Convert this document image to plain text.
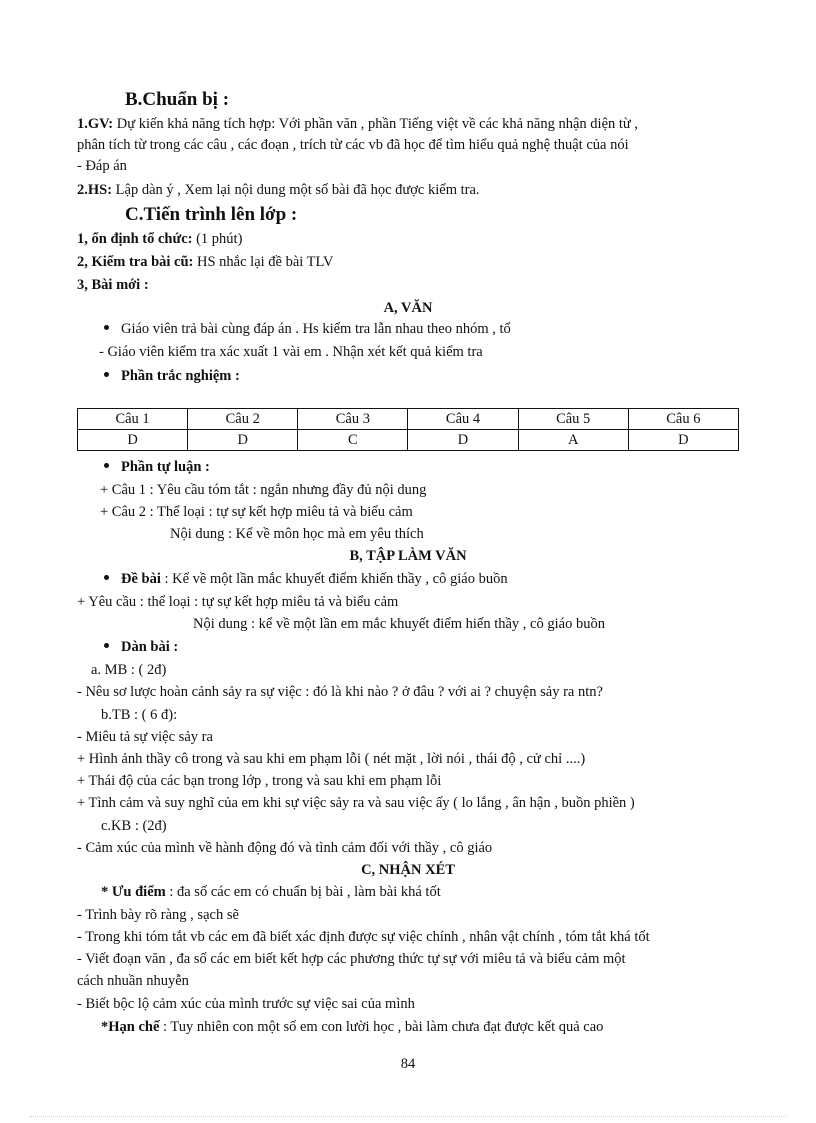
B.Chuẩn bị :
1.GV: Dự kiến khả năng tích hợp: Với phần văn , phần Tiếng việt về các khả năng nhận diện từ ,
phân tích từ trong các câu , các đoạn , trích từ các vb đã học để tìm hiểu quả nghệ thuật của nói
- Đáp án
2.HS: Lập dàn ý , Xem lại nội dung một số bài đã học được kiểm tra.
C.Tiến trình lên lớp :
1, ổn định tổ chức: (1 phút)
2, Kiểm tra bài cũ: HS nhắc lại đề bài TLV
3, Bài mới :
A, VĂN
Giáo viên trả bài cùng đáp án . Hs kiểm tra lẫn nhau theo nhóm , tổ
- Giáo viên kiểm tra xác xuất 1 vài em . Nhận xét kết quả kiểm tra
Phần trắc nghiệm :
Câu 1	Câu 2	Câu 3	Câu 4	Câu 5	Câu 6
D	D	C	D	A	D
Phần tự luận :
+ Câu 1 : Yêu cầu tóm tắt : ngắn nhưng đầy đủ nội dung
+ Câu 2 : Thể loại : tự sự kết hợp miêu tả và biểu cảm
Nội dung : Kể về môn học mà em yêu thích
B, TẬP LÀM VĂN
Đề bài : Kể về một lần mắc khuyết điểm khiến thầy , cô giáo buồn
+ Yêu cầu : thể loại : tự sự kết hợp miêu tả và biểu cảm
Nội dung : kể về một lần em mắc khuyết điểm hiến thầy , cô giáo buồn
Dàn bài :
a. MB : ( 2đ)
- Nêu sơ lược hoàn cảnh sảy ra sự việc : đó là khi nào ? ở đâu ? với ai ? chuyện sảy ra ntn?
b.TB : ( 6 đ):
- Miêu tả sự việc sảy ra
+ Hình ảnh thầy cô trong và sau khi em phạm lỗi ( nét mặt , lời nói , thái độ , cử chỉ ....)
+ Thái độ của các bạn trong lớp , trong và sau khi em phạm lỗi
+ Tình cảm và suy nghĩ của em khi sự việc sảy ra và sau việc ấy ( lo lắng , ân hận , buồn phiền )
c.KB : (2đ)
- Cảm xúc của mình về hành động đó và tình cảm đối với thầy , cô giáo
C, NHẬN XÉT
* Ưu điểm : đa số các em có chuẩn bị bài , làm bài khá tốt
- Trình bày rõ ràng , sạch sẽ
- Trong khi tóm tắt vb các em đã biết xác định được sự việc chính , nhân vật chính , tóm tắt khá tốt
- Viết đoạn văn , đa số các em biết kết hợp các phương thức tự sự với miêu tả và biểu cảm một
cách nhuần nhuyễn
- Biết bộc lộ cảm xúc của mình trước sự việc sai của mình
*Hạn chế : Tuy nhiên con một số em con lười học , bài làm chưa đạt được kết quả cao
84
